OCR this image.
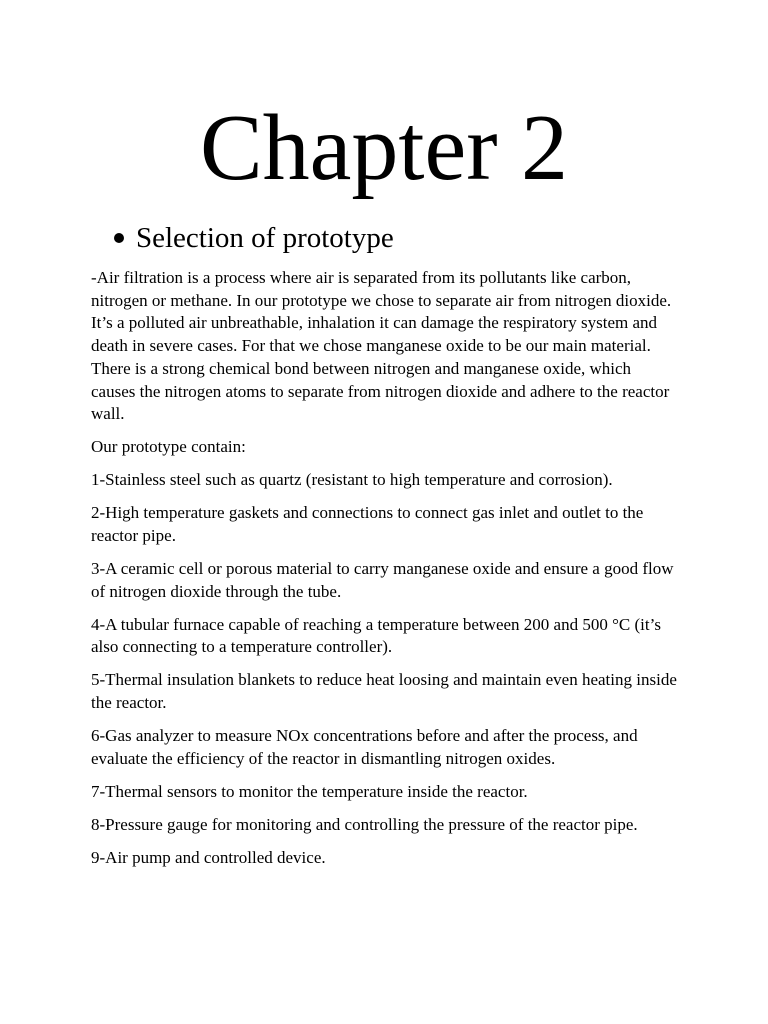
Chapter 2
Selection of prototype

-Air filtration is a process where air is separated from its pollutants like carbon, nitrogen or methane. In our prototype we chose to separate air from nitrogen dioxide. It’s a polluted air unbreathable, inhalation it can damage the respiratory system and death in severe cases. For that we chose manganese oxide to be our main material. There is a strong chemical bond between nitrogen and manganese oxide, which causes the nitrogen atoms to separate from nitrogen dioxide and adhere to the reactor wall.

Our prototype contain:

1-Stainless steel such as quartz (resistant to high temperature and corrosion).

2-High temperature gaskets and connections to connect gas inlet and outlet to the reactor pipe.

3-A ceramic cell or porous material to carry manganese oxide and ensure a good flow of nitrogen dioxide through the tube.

4-A tubular furnace capable of reaching a temperature between 200 and 500 °C (it’s also connecting to a temperature controller).

5-Thermal insulation blankets to reduce heat loosing and maintain even heating inside the reactor.

6-Gas analyzer to measure NOx concentrations before and after the process, and evaluate the efficiency of the reactor in dismantling nitrogen oxides.

7-Thermal sensors to monitor the temperature inside the reactor.

8-Pressure gauge for monitoring and controlling the pressure of the reactor pipe.

9-Air pump and controlled device.
